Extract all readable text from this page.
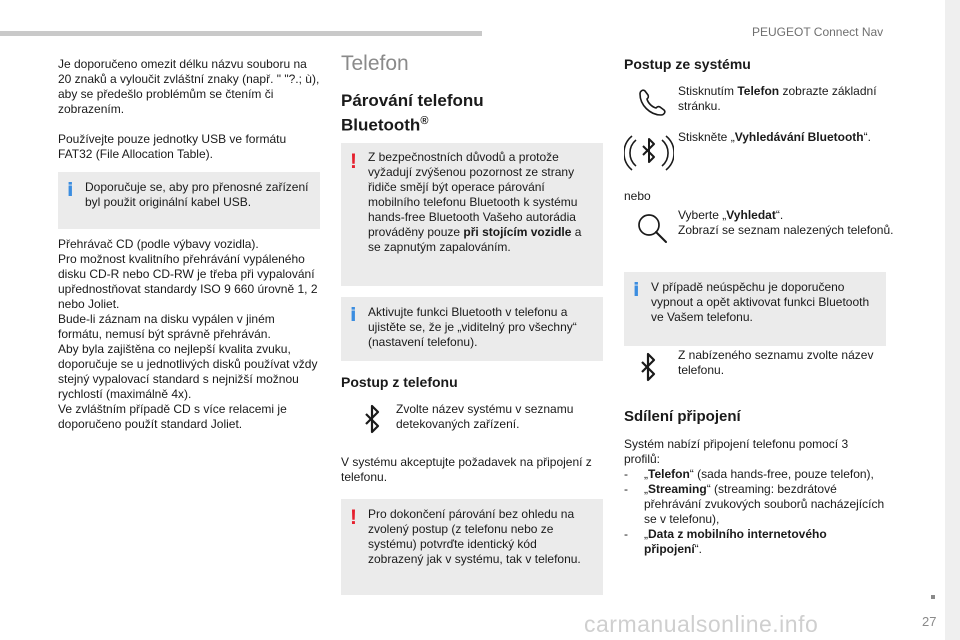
PEUGEOT Connect Nav

Je doporučeno omezit délku názvu souboru na 20 znaků a vyloučit zvláštní znaky (např. " "?.; ù), aby se předešlo problémům se čtením či zobrazením.

Používejte pouze jednotky USB ve formátu FAT32 (File Allocation Table).

ⅰ Doporučuje se, aby pro přenosné zařízení byl použit originální kabel USB.

Přehrávač CD (podle výbavy vozidla).

Pro možnost kvalitního přehrávání vypáleného disku CD-R nebo CD-RW je třeba při vypalování upřednostňovat standardy ISO 9 660 úrovně 1, 2 nebo Joliet.

Bude-li záznam na disku vypálen v jiném formátu, nemusí být správně přehráván.

Aby byla zajištěna co nejlepší kvalita zvuku, doporučuje se u jednotlivých disků používat vždy stejný vypalovací standard s nejnižší možnou rychlostí (maximálně 4x).

Ve zvláštním případě CD s více relacemi je doporučeno použít standard Joliet.

Telefon
Párování telefonu Bluetooth®
! Z bezpečnostních důvodů a protože vyžadují zvýšenou pozornost ze strany řidiče smějí být operace párování mobilního telefonu Bluetooth k systému hands-free Bluetooth Vašeho autorádia prováděny pouze při stojícím vozidle a se zapnutým zapalováním.
ⅰ Aktivujte funkci Bluetooth v telefonu a ujistěte se, že je „viditelný pro všechny“ (nastavení telefonu).
Postup z telefonu
Zvolte název systému v seznamu detekovaných zařízení.

V systému akceptujte požadavek na připojení z telefonu.

! Pro dokončení párování bez ohledu na zvolený postup (z telefonu nebo ze systému) potvrďte identický kód zobrazený jak v systému, tak v telefonu.
Postup ze systému
Stisknutím Telefon zobrazte základní stránku.
Stiskněte „Vyhledávání Bluetooth“.

nebo

Vyberte „Vyhledat“.
Zobrazí se seznam nalezených telefonů.
ⅰ V případě neúspěchu je doporučeno vypnout a opět aktivovat funkci Bluetooth ve Vašem telefonu.
Z nabízeného seznamu zvolte název telefonu.
Sdílení připojení

Systém nabízí připojení telefonu pomocí 3 profilů:

- „Telefon“ (sada hands-free, pouze telefon),
- „Streaming“ (streaming: bezdrátové přehrávání zvukových souborů nacházejících se v telefonu),
- „Data z mobilního internetového připojení“.
carmanualsonline.info	27
